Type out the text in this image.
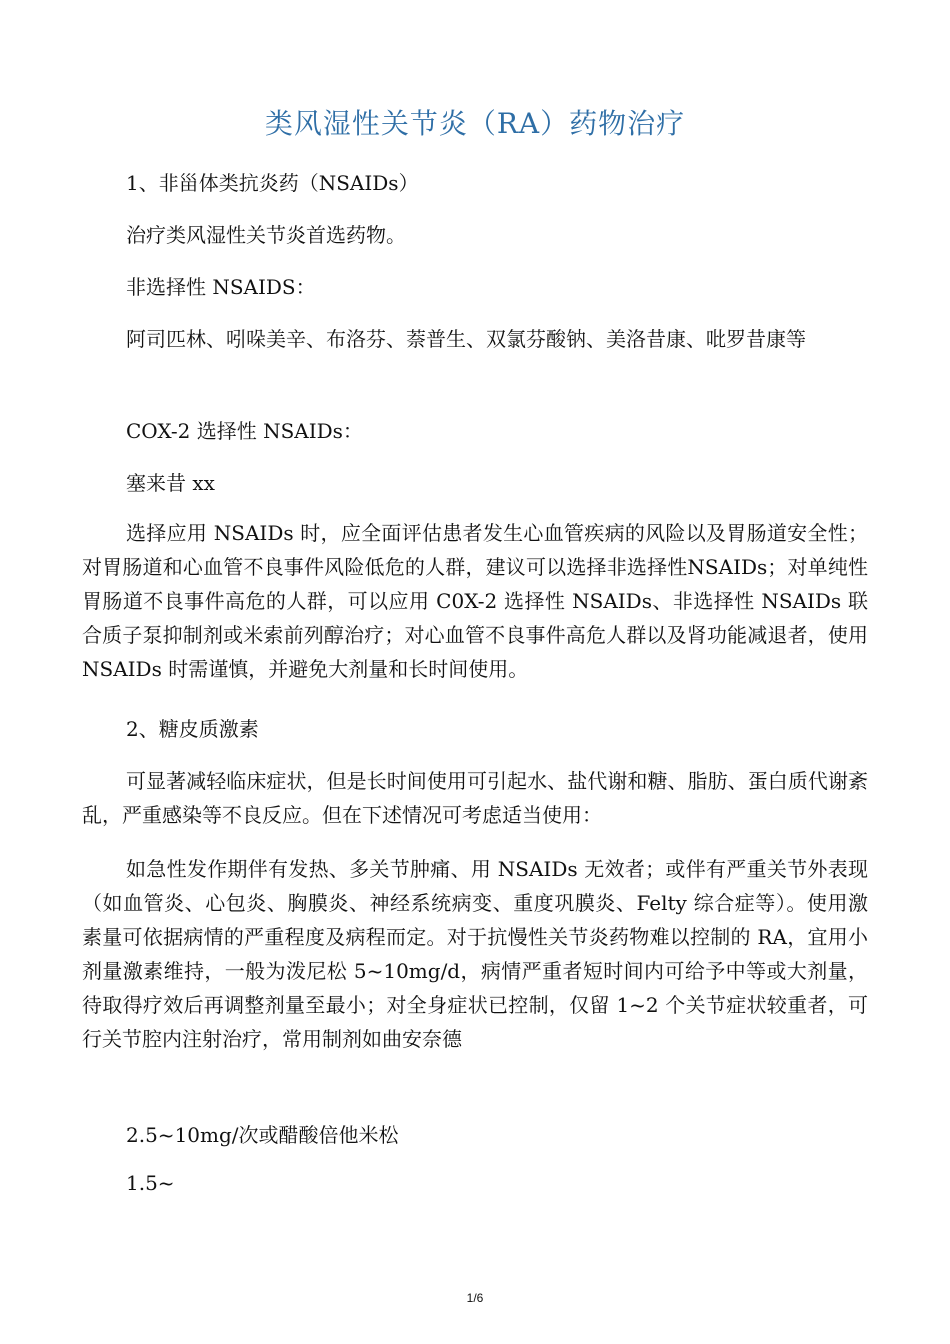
类风湿性关节炎（RA）药物治疗
1、非甾体类抗炎药（NSAIDs）
治疗类风湿性关节炎首选药物。
非选择性 NSAIDS：
阿司匹林、吲哚美辛、布洛芬、萘普生、双氯芬酸钠、美洛昔康、吡罗昔康等
COX-2 选择性 NSAIDs：
塞来昔 xx
选择应用 NSAIDs 时，应全面评估患者发生心血管疾病的风险以及胃肠道安全性；对胃肠道和心血管不良事件风险低危的人群，建议可以选择非选择性NSAIDs；对单纯性胃肠道不良事件高危的人群，可以应用 C0X-2 选择性 NSAIDs、非选择性 NSAIDs 联合质子泵抑制剂或米索前列醇治疗；对心血管不良事件高危人群以及肾功能减退者，使用 NSAIDs 时需谨慎，并避免大剂量和长时间使用。
2、糖皮质激素
可显著减轻临床症状，但是长时间使用可引起水、盐代谢和糖、脂肪、蛋白质代谢紊乱，严重感染等不良反应。但在下述情况可考虑适当使用：
如急性发作期伴有发热、多关节肿痛、用 NSAIDs 无效者；或伴有严重关节外表现（如血管炎、心包炎、胸膜炎、神经系统病变、重度巩膜炎、Felty 综合症等）。使用激素量可依据病情的严重程度及病程而定。对于抗慢性关节炎药物难以控制的 RA，宜用小剂量激素维持，一般为泼尼松 5~10mg/d，病情严重者短时间内可给予中等或大剂量，待取得疗效后再调整剂量至最小；对全身症状已控制，仅留 1~2 个关节症状较重者，可行关节腔内注射治疗，常用制剂如曲安奈德
2.5~10mg/次或醋酸倍他米松
1.5~
1/6
